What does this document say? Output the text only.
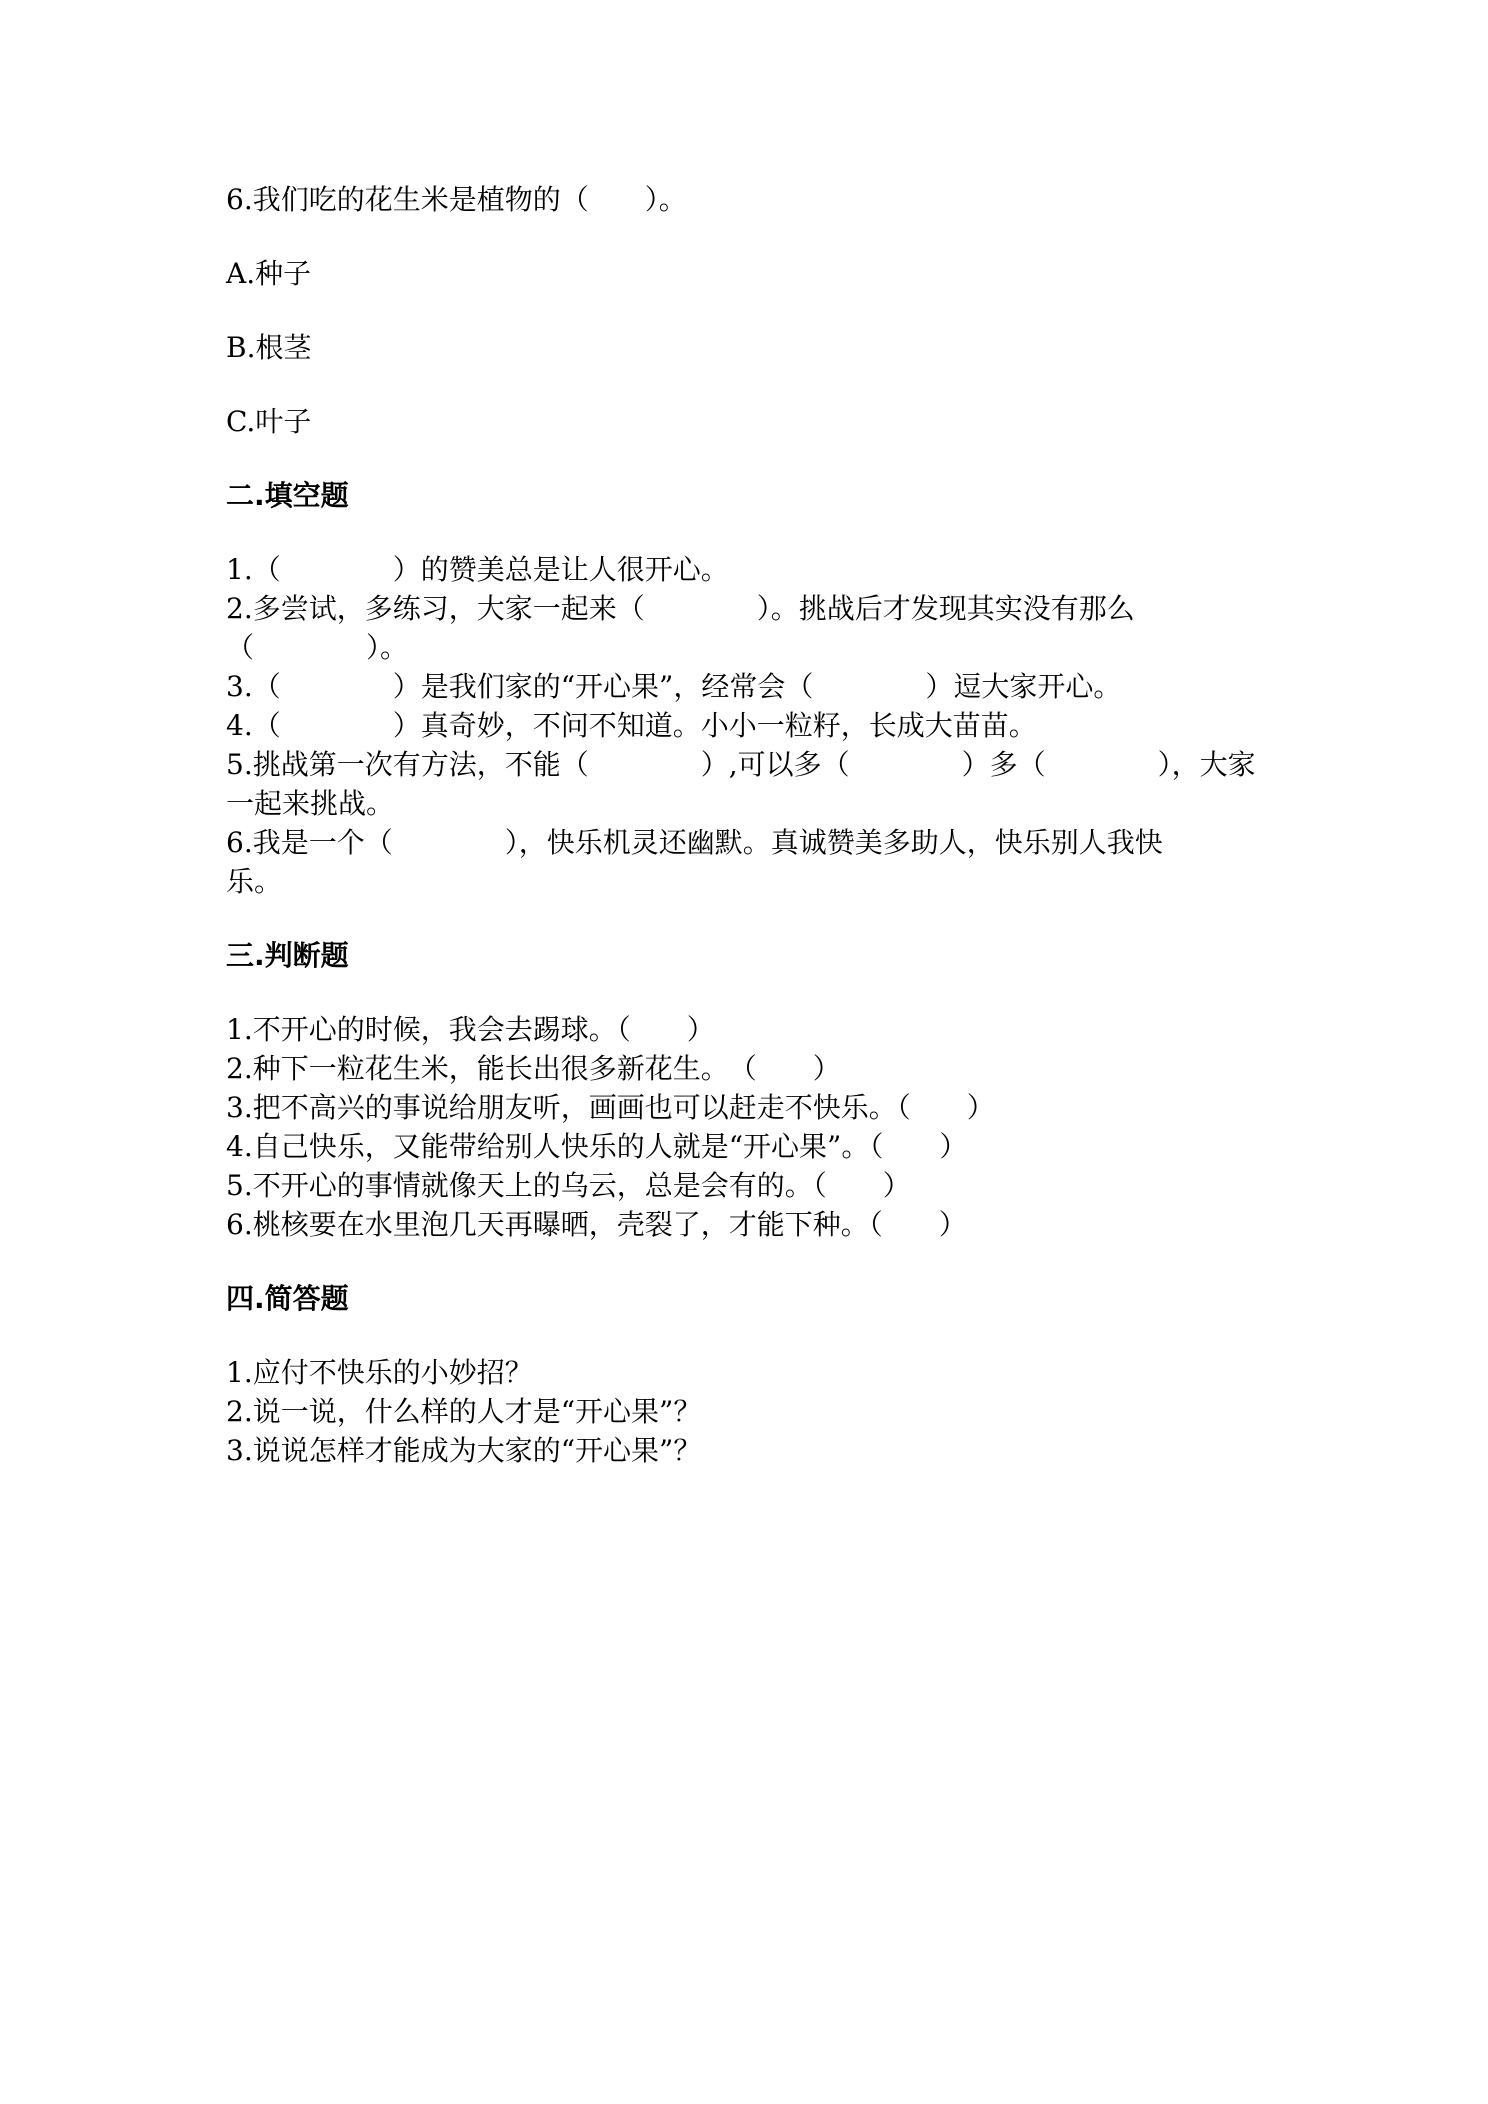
6.我们吃的花生米是植物的（　　）。
A.种子
B.根茎
C.叶子
二.填空题
1.（　　　　）的赞美总是让人很开心。
2.多尝试，多练习，大家一起来（　　　　）。挑战后才发现其实没有那么
（　　　　）。
3.（　　　　）是我们家的“开心果”，经常会（　　　　）逗大家开心。
4.（　　　　）真奇妙，不问不知道。小小一粒籽，长成大苗苗。
5.挑战第一次有方法，不能（　　　　）,可以多（　　　　）多（　　　　），大家
一起来挑战。
6.我是一个（　　　　），快乐机灵还幽默。真诚赞美多助人，快乐别人我快
乐。
三.判断题
1.不开心的时候，我会去踢球。（　　）
2.种下一粒花生米，能长出很多新花生。　（　　）
3.把不高兴的事说给朋友听，画画也可以赶走不快乐。（　　）
4.自己快乐，又能带给别人快乐的人就是“开心果”。（　　）
5.不开心的事情就像天上的乌云，总是会有的。（　　）
6.桃核要在水里泡几天再曝晒，壳裂了，才能下种。（　　）
四.简答题
1.应付不快乐的小妙招？
2.说一说，什么样的人才是“开心果”？
3.说说怎样才能成为大家的“开心果”？
